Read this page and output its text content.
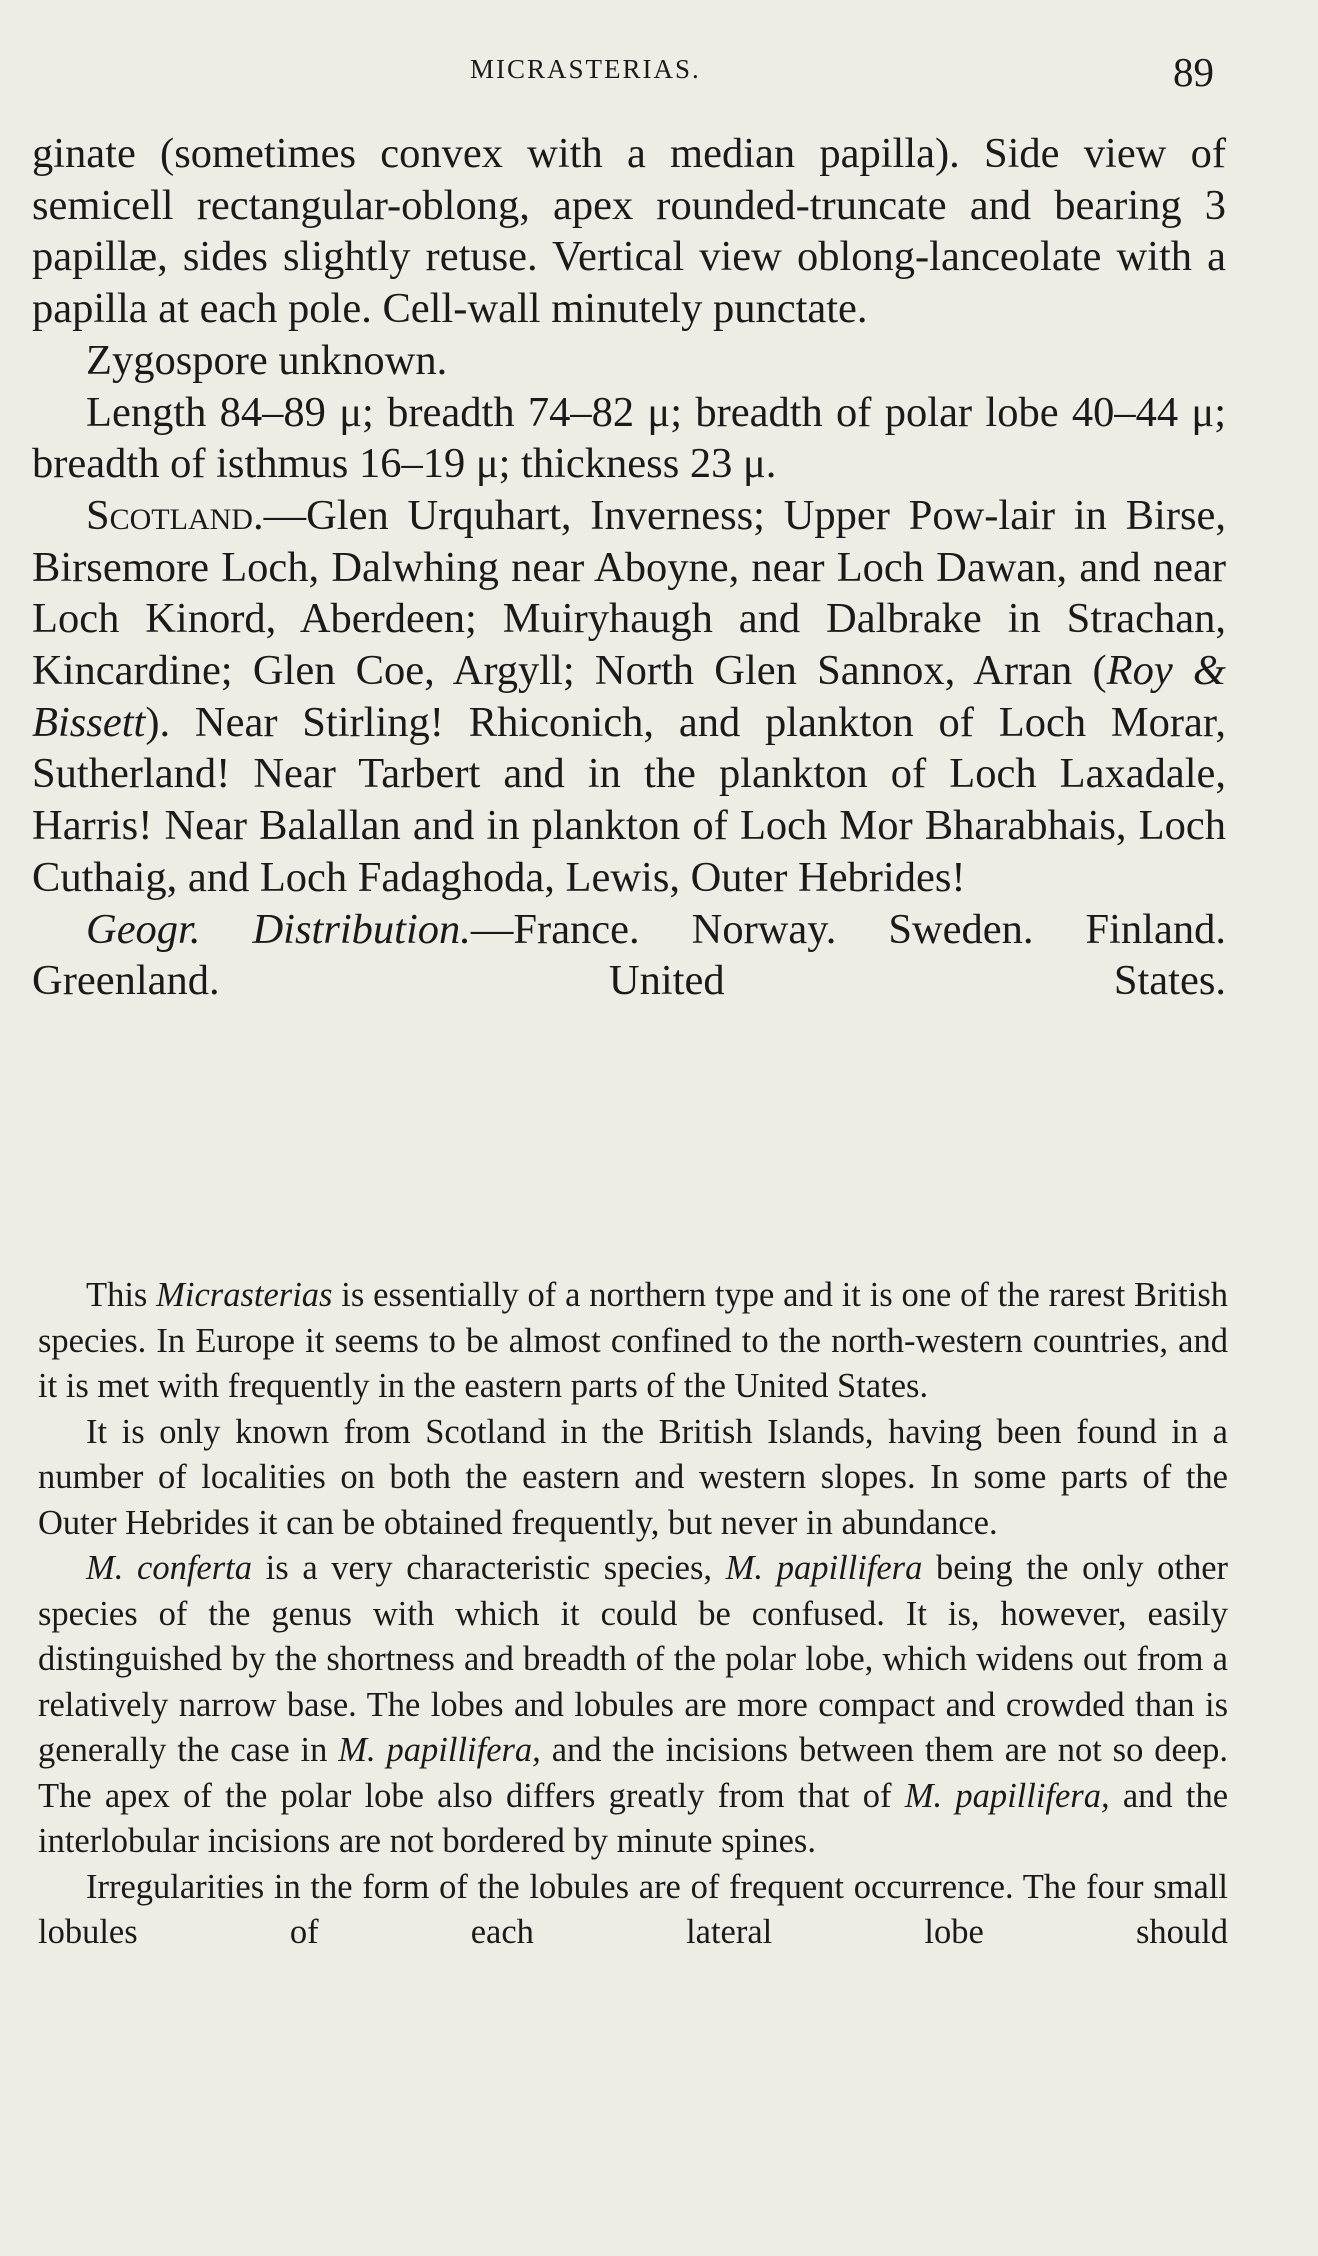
MICRASTERIAS.	89

ginate (sometimes convex with a median papilla). Side view of semicell rectangular-oblong, apex rounded-truncate and bearing 3 papillæ, sides slightly retuse. Vertical view oblong-lanceolate with a papilla at each pole. Cell-wall minutely punctate.

Zygospore unknown.

Length 84–89 μ; breadth 74–82 μ; breadth of polar lobe 40–44 μ; breadth of isthmus 16–19 μ; thickness 23 μ.

Scotland.—Glen Urquhart, Inverness; Upper Pow-lair in Birse, Birsemore Loch, Dalwhing near Aboyne, near Loch Dawan, and near Loch Kinord, Aberdeen; Muiryhaugh and Dalbrake in Strachan, Kincardine; Glen Coe, Argyll; North Glen Sannox, Arran (Roy & Bissett). Near Stirling! Rhiconich, and plankton of Loch Morar, Sutherland! Near Tarbert and in the plankton of Loch Laxadale, Harris! Near Balallan and in plankton of Loch Mor Bharabhais, Loch Cuthaig, and Loch Fadaghoda, Lewis, Outer Hebrides!

Geogr. Distribution.—France. Norway. Sweden. Finland. Greenland. United States.

This Micrasterias is essentially of a northern type and it is one of the rarest British species. In Europe it seems to be almost confined to the north-western countries, and it is met with frequently in the eastern parts of the United States.

It is only known from Scotland in the British Islands, having been found in a number of localities on both the eastern and western slopes. In some parts of the Outer Hebrides it can be obtained frequently, but never in abundance.

M. conferta is a very characteristic species, M. papillifera being the only other species of the genus with which it could be confused. It is, however, easily distinguished by the shortness and breadth of the polar lobe, which widens out from a relatively narrow base. The lobes and lobules are more compact and crowded than is generally the case in M. papillifera, and the incisions between them are not so deep. The apex of the polar lobe also differs greatly from that of M. papillifera, and the interlobular incisions are not bordered by minute spines.

Irregularities in the form of the lobules are of frequent occurrence. The four small lobules of each lateral lobe should
